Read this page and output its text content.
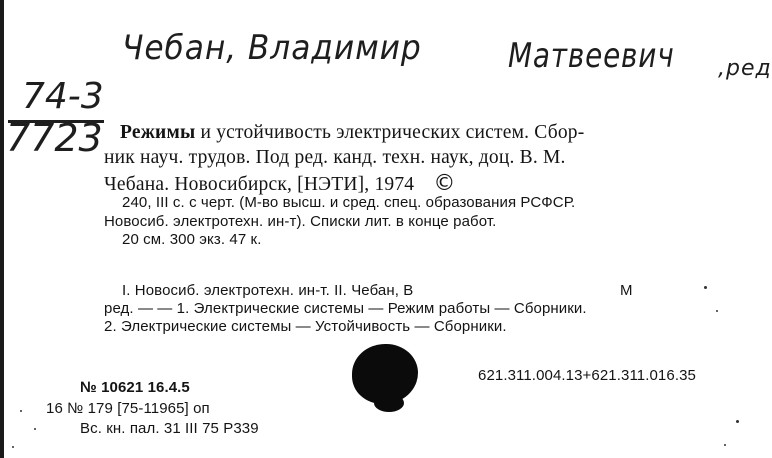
Чебан, Владимир	Матвеевич ,ред
74-3
7723 Режимы и устойчивость электрических систем. Сбор-
ник науч. трудов. Под ред. канд. техн. наук, доц. В. М.
Чебана. Новосибирск, [НЭТИ], 1974 ©
240, III с. с черт. (М-во высш. и сред. спец. образования РСФСР.
Новосиб. электротехн. ин-т). Списки лит. в конце работ.
20 см. 300 экз. 47 к.
I. Новосиб. электротехн. ин-т. II. Чебан, В	М
ред. — — 1. Электрические системы — Режим работы — Сборники.
2. Электрические системы — Устойчивость — Сборники.
621.311.004.13+621.311.016.35
№ 10621 16.4.5
16 № 179 [75-11965] оп
Вс. кн. пал. 31 III 75 Р339
